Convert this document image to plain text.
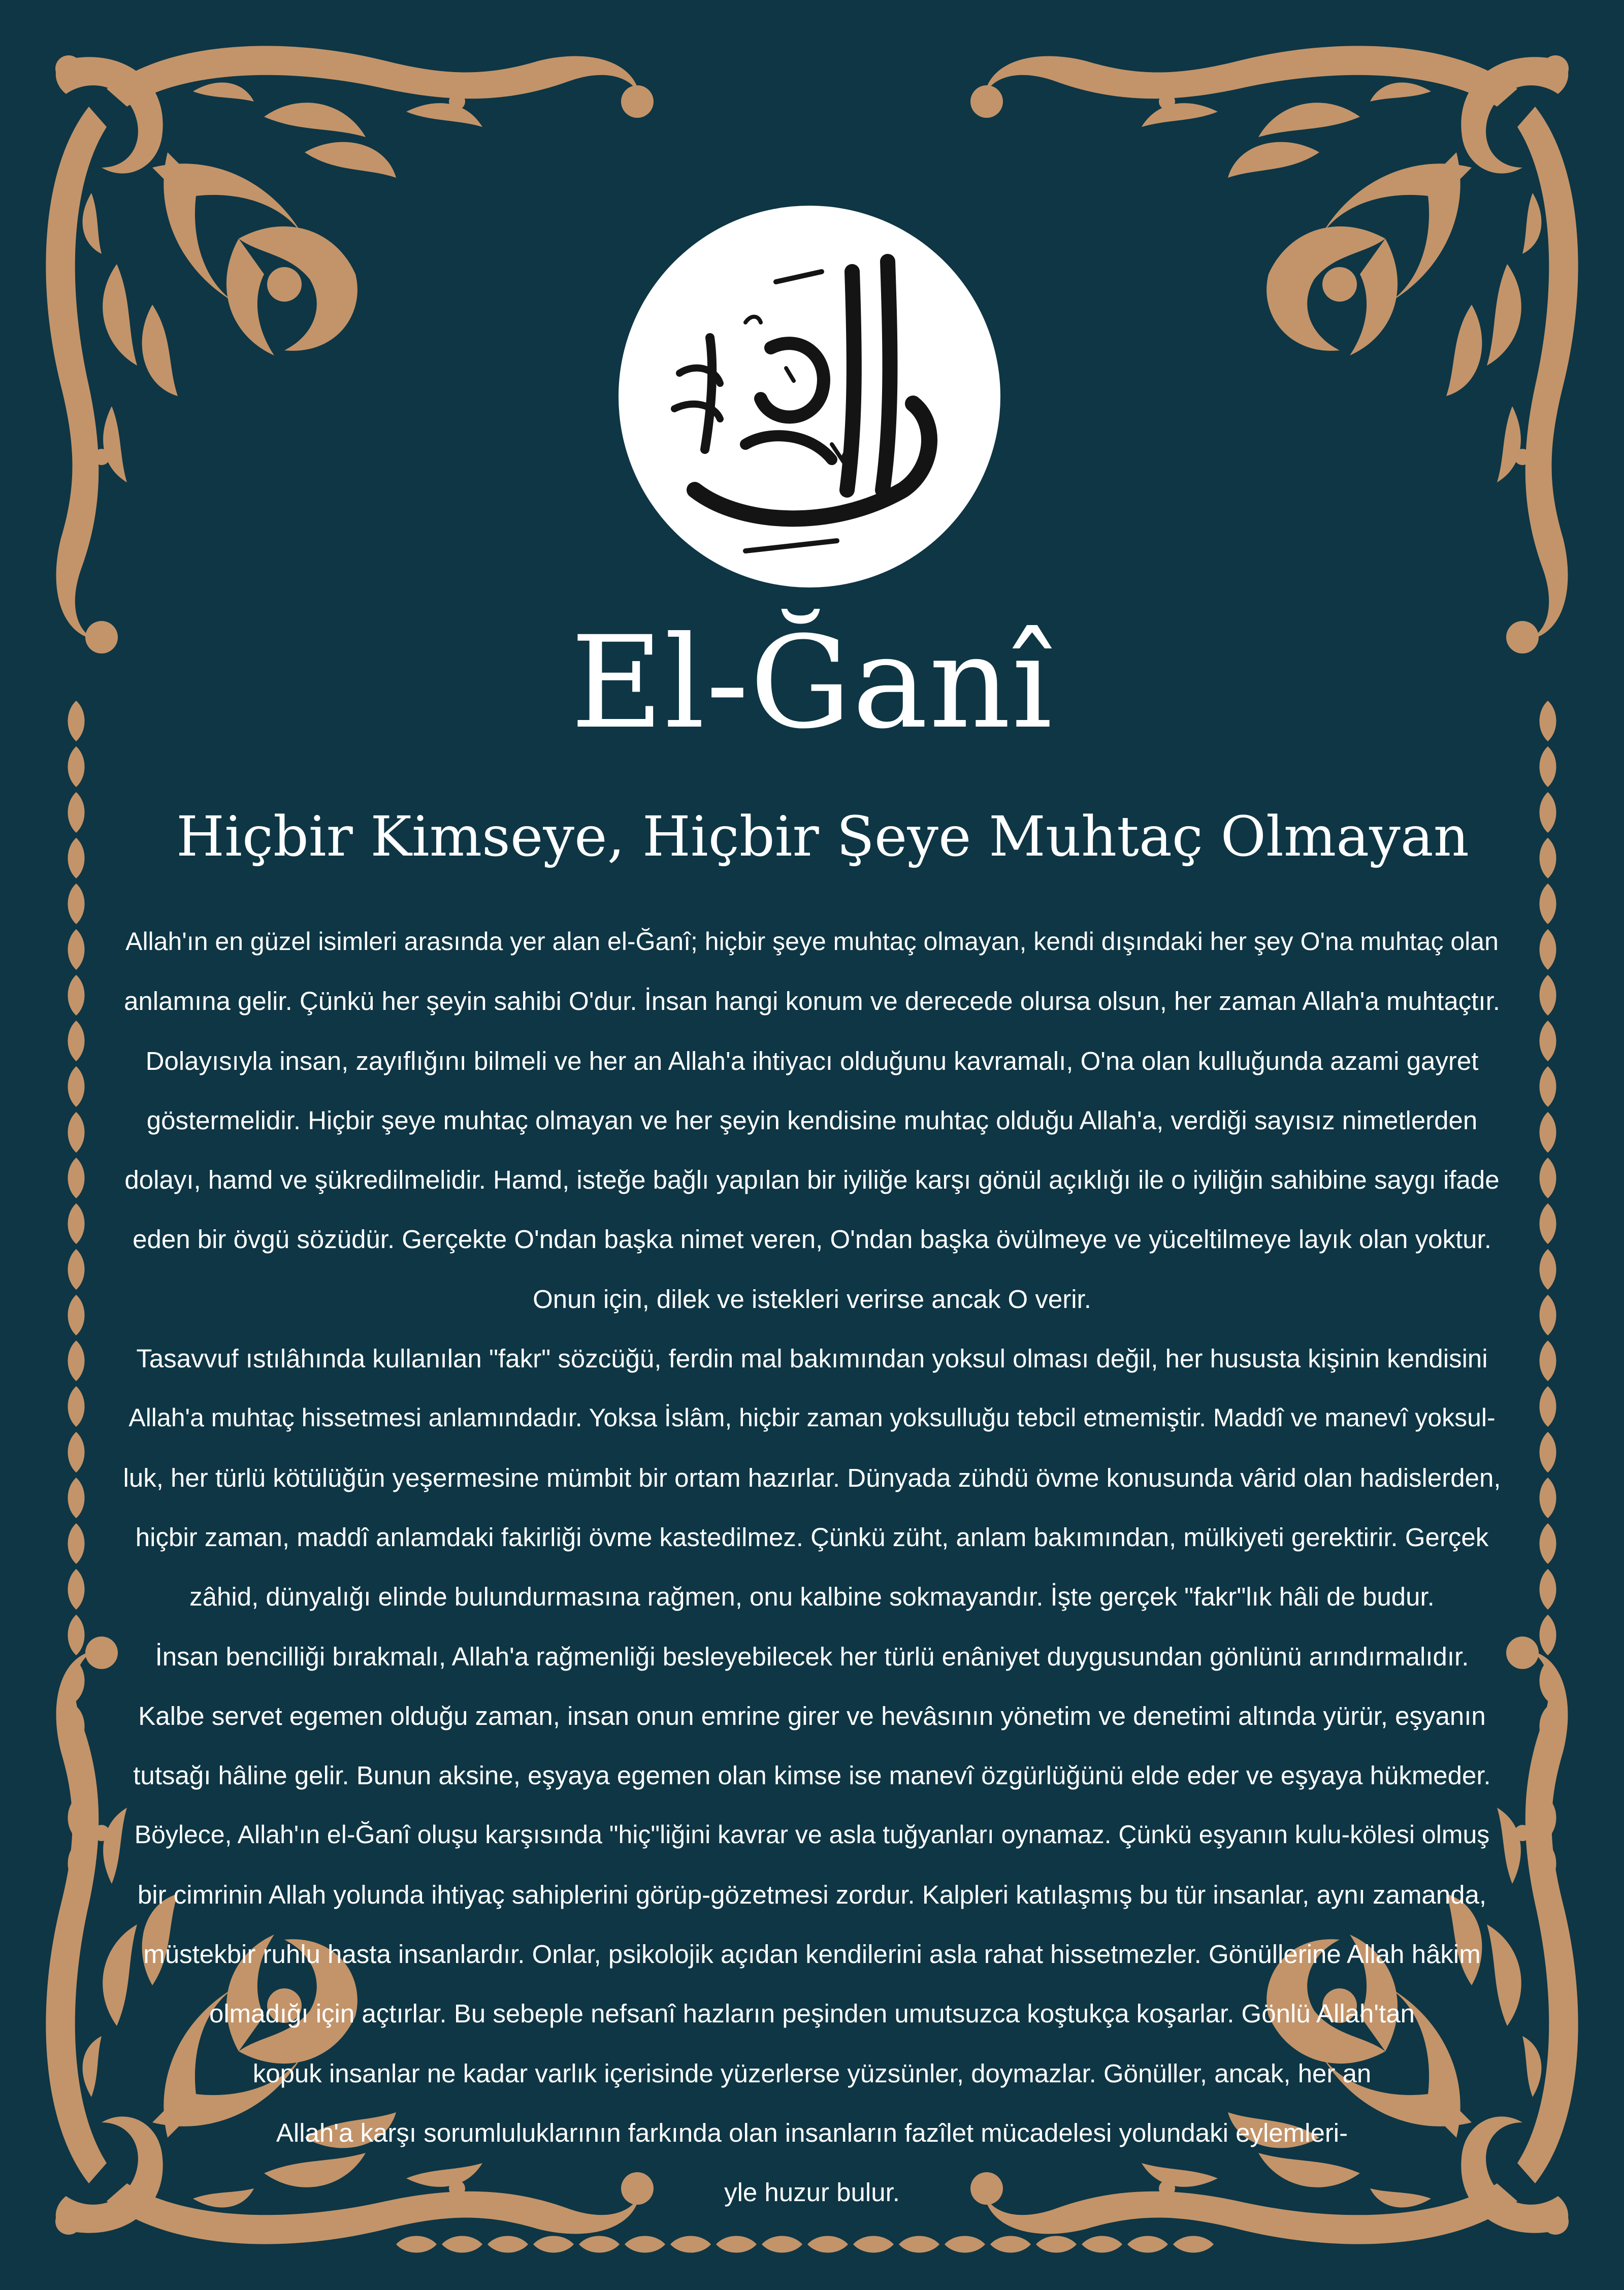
El-Ğanî
Hiçbir Kimseye, Hiçbir Şeye Muhtaç Olmayan
Allah'ın en güzel isimleri arasında yer alan el-Ğanî; hiçbir şeye muhtaç olmayan, kendi dışındaki her şey O'na muhtaç olan
anlamına gelir. Çünkü her şeyin sahibi O'dur. İnsan hangi konum ve derecede olursa olsun, her zaman Allah'a muhtaçtır.
Dolayısıyla insan, zayıflığını bilmeli ve her an Allah'a ihtiyacı olduğunu kavramalı, O'na olan kulluğunda azami gayret
göstermelidir. Hiçbir şeye muhtaç olmayan ve her şeyin kendisine muhtaç olduğu Allah'a, verdiği sayısız nimetlerden
dolayı, hamd ve şükredilmelidir. Hamd, isteğe bağlı yapılan bir iyiliğe karşı gönül açıklığı ile o iyiliğin sahibine saygı ifade
eden bir övgü sözüdür. Gerçekte O'ndan başka nimet veren, O'ndan başka övülmeye ve yüceltilmeye layık olan yoktur.
Onun için, dilek ve istekleri verirse ancak O verir.
Tasavvuf ıstılâhında kullanılan "fakr" sözcüğü, ferdin mal bakımından yoksul olması değil, her hususta kişinin kendisini
Allah'a muhtaç hissetmesi anlamındadır. Yoksa İslâm, hiçbir zaman yoksulluğu tebcil etmemiştir. Maddî ve manevî yoksul-
luk, her türlü kötülüğün yeşermesine mümbit bir ortam hazırlar. Dünyada zühdü övme konusunda vârid olan hadislerden,
hiçbir zaman, maddî anlamdaki fakirliği övme kastedilmez. Çünkü züht, anlam bakımından, mülkiyeti gerektirir. Gerçek
zâhid, dünyalığı elinde bulundurmasına rağmen, onu kalbine sokmayandır. İşte gerçek "fakr"lık hâli de budur.
İnsan bencilliği bırakmalı, Allah'a rağmenliği besleyebilecek her türlü enâniyet duygusundan gönlünü arındırmalıdır.
Kalbe servet egemen olduğu zaman, insan onun emrine girer ve hevâsının yönetim ve denetimi altında yürür, eşyanın
tutsağı hâline gelir. Bunun aksine, eşyaya egemen olan kimse ise manevî özgürlüğünü elde eder ve eşyaya hükmeder.
Böylece, Allah'ın el-Ğanî oluşu karşısında "hiç"liğini kavrar ve asla tuğyanları oynamaz. Çünkü eşyanın kulu-kölesi olmuş
bir cimrinin Allah yolunda ihtiyaç sahiplerini görüp-gözetmesi zordur. Kalpleri katılaşmış bu tür insanlar, aynı zamanda,
müstekbir ruhlu hasta insanlardır. Onlar, psikolojik açıdan kendilerini asla rahat hissetmezler. Gönüllerine Allah hâkim
olmadığı için açtırlar. Bu sebeple nefsanî hazların peşinden umutsuzca koştukça koşarlar. Gönlü Allah'tan
kopuk insanlar ne kadar varlık içerisinde yüzerlerse yüzsünler, doymazlar. Gönüller, ancak, her an
Allah'a karşı sorumluluklarının farkında olan insanların fazîlet mücadelesi yolundaki eylemleri-
yle huzur bulur.
